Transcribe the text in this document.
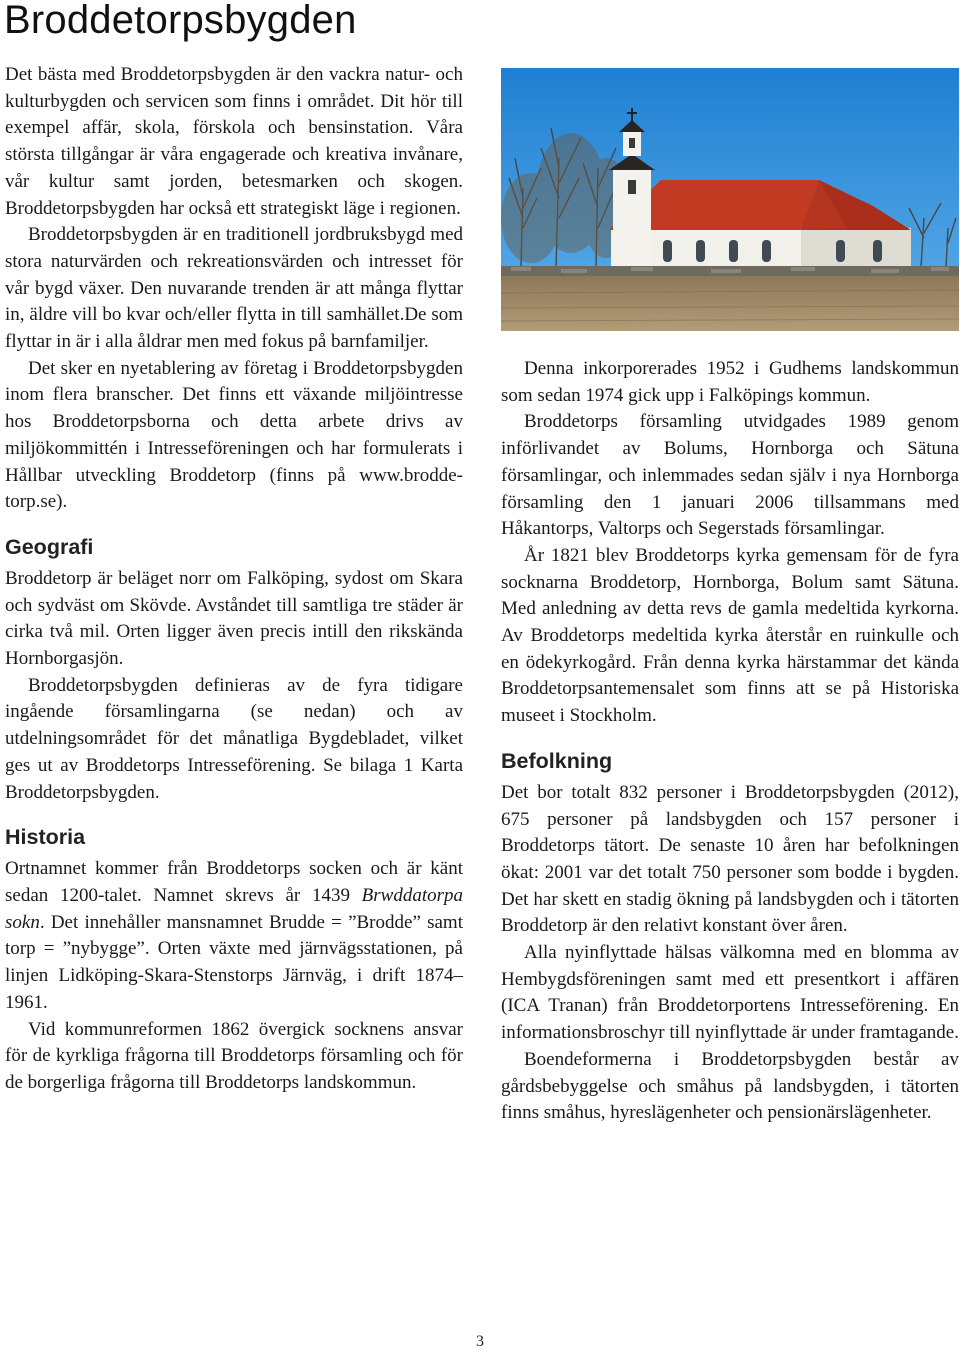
Broddetorpsbygden

Det bästa med Broddetorpsbygden är den vackra natur- och kulturbygden och servicen som finns i området. Dit hör till exempel affär, skola, förskola och bensinstation. Våra största tillgångar är våra engagerade och kreativa invånare, vår kultur samt jorden, betesmarken och skogen. Broddetorpsbygden har också ett strategiskt läge i regionen.

Broddetorpsbygden är en traditionell jordbruksbygd med stora naturvärden och rekreationsvärden och intresset för vår bygd växer. Den nuvarande trenden är att många flyttar in, äldre vill bo kvar och/eller flytta in till samhället.De som flyttar in är i alla åldrar men med fokus på barnfamiljer.

Det sker en nyetablering av företag i Broddetorpsbygden inom flera branscher. Det finns ett växande miljöintresse hos Broddetorpsborna och detta arbete drivs av miljökommittén i Intresseföreningen och har formulerats i Hållbar utveckling Broddetorp (finns på www.broddetorp.se).

Geografi

Broddetorp är beläget norr om Falköping, sydost om Skara och sydväst om Skövde. Avståndet till samtliga tre städer är cirka två mil. Orten ligger även precis intill den rikskända Hornborgasjön.

Broddetorpsbygden definieras av de fyra tidigare ingående församlingarna (se nedan) och av utdelningsområdet för det månatliga Bygdebladet, vilket ges ut av Broddetorps Intresseförening. Se bilaga 1 Karta Broddetorpsbygden.

Historia

Ortnamnet kommer från Broddetorps socken och är känt sedan 1200-talet. Namnet skrevs år 1439 Brwddatorpa sokn. Det innehåller mansnamnet Brudde = ”Brodde” samt torp = ”nybygge”. Orten växte med järnvägsstationen, på linjen Lidköping-Skara-Stenstorps Järnväg, i drift 1874–1961.

Vid kommunreformen 1862 övergick socknens ansvar för de kyrkliga frågorna till Broddetorps församling och för de borgerliga frågorna till Broddetorps landskommun.

Denna inkorporerades 1952 i Gudhems landskommun som sedan 1974 gick upp i Falköpings kommun.

Broddetorps församling utvidgades 1989 genom införlivandet av Bolums, Hornborga och Sätuna församlingar, och inlemmades sedan själv i nya Hornborga församling den 1 januari 2006 tillsammans med Håkantorps, Valtorps och Segerstads församlingar.

År 1821 blev Broddetorps kyrka gemensam för de fyra socknarna Broddetorp, Hornborga, Bolum samt Sätuna. Med anledning av detta revs de gamla medeltida kyrkorna. Av Broddetorps medeltida kyrka återstår en ruinkulle och en ödekyrkogård. Från denna kyrka härstammar det kända Broddetorpsantemensalet som finns att se på Historiska museet i Stockholm.

Befolkning

Det bor totalt 832 personer i Broddetorpsbygden (2012), 675 personer på landsbygden och 157 personer i Broddetorps tätort. De senaste 10 åren har befolkningen ökat: 2001 var det totalt 750 personer som bodde i bygden. Det har skett en stadig ökning på landsbygden och i tätorten Broddetorp är den relativt konstant över åren.

Alla nyinflyttade hälsas välkomna med en blomma av Hembygdsföreningen samt med ett presentkort i affären (ICA Tranan) från Broddetorportens Intresseförening. En informationsbroschyr till nyinflyttade är under framtagande.

Boendeformerna i Broddetorpsbygden består av gårdsbebyggelse och småhus på landsbygden, i tätorten finns småhus, hyreslägenheter och pensionärslägenheter.

3
